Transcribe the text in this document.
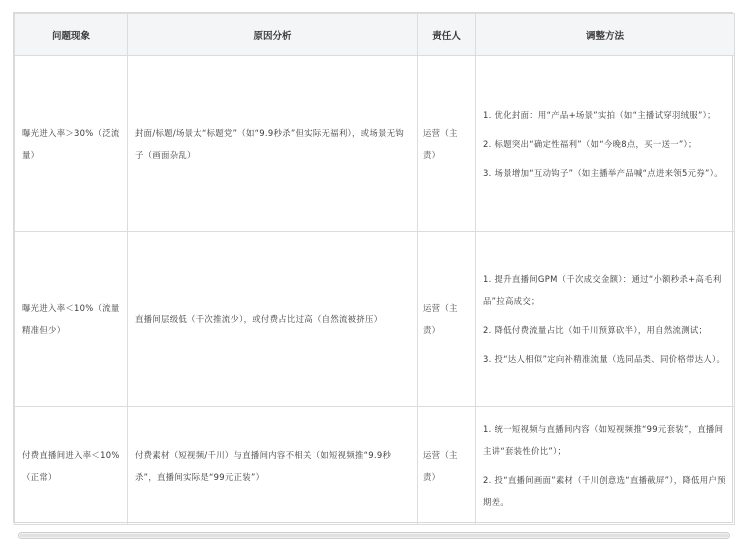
问题现象	原因分析	责任人	调整方法
曝光进入率＞30%（泛流量）	封面/标题/场景太“标题党”（如“9.9秒杀”但实际无福利），或场景无钩子（画面杂乱）	运营（主责）	1. 优化封面：用“产品+场景”实拍（如“主播试穿羽绒服”）；

2. 标题突出“确定性福利”（如“今晚8点，买一送一”）；

3. 场景增加“互动钩子”（如主播举产品喊“点进来领5元券”）。

曝光进入率＜10%（流量精准但少）	直播间层级低（千次推流少），或付费占比过高（自然流被挤压）	运营（主责）	1. 提升直播间GPM（千次成交金额）：通过“小额秒杀+高毛利品”拉高成交；

2. 降低付费流量占比（如千川预算砍半），用自然流测试；

3. 投“达人相似”定向补精准流量（选同品类、同价格带达人）。

付费直播间进入率＜10%（正常）	付费素材（短视频/千川）与直播间内容不相关（如短视频推“9.9秒杀”，直播间实际是“99元正装”）	运营（主责）	1. 统一短视频与直播间内容（如短视频推“99元套装”，直播间主讲“套装性价比”）；

2. 投“直播间画面”素材（千川创意选“直播截屏”），降低用户预期差。
